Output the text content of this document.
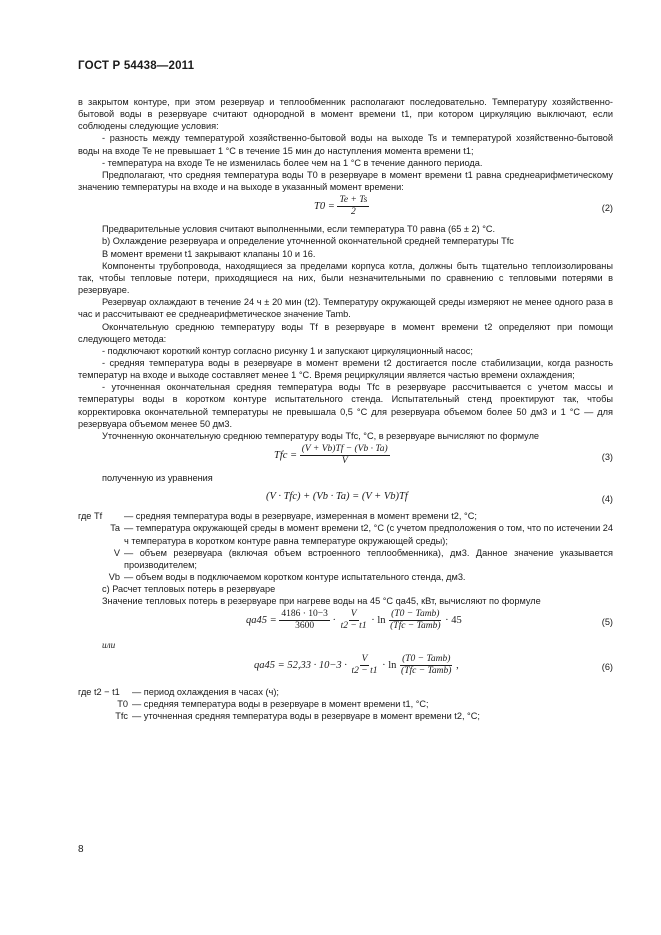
ГОСТ Р 54438—2011

в закрытом контуре, при этом резервуар и теплообменник располагают последовательно. Температуру хозяйственно-бытовой воды в резервуаре считают однородной в момент времени t1, при котором циркуляцию выключают, если соблюдены следующие условия:

- разность между температурой хозяйственно-бытовой воды на выходе Ts и температурой хозяйственно-бытовой воды на входе Te не превышает 1 °С в течение 15 мин до наступления момента времени t1;

- температура на входе Te не изменилась более чем на 1 °С в течение данного периода.

Предполагают, что средняя температура воды T0 в резервуаре в момент времени t1 равна среднеарифметическому значению температуры на входе и на выходе в указанный момент времени:

$T0 = \frac{Te + Ts}{2}$	(2)

Предварительные условия считают выполненными, если температура T0 равна (65 ± 2) °С.

b) Охлаждение резервуара и определение уточненной окончательной средней температуры Tfc

В момент времени t1 закрывают клапаны 10 и 16.

Компоненты трубопровода, находящиеся за пределами корпуса котла, должны быть тщательно теплоизолированы так, чтобы тепловые потери, приходящиеся на них, были незначительными по сравнению с тепловыми потерями в резервуаре.

Резервуар охлаждают в течение 24 ч ± 20 мин (t2). Температуру окружающей среды измеряют не менее одного раза в час и рассчитывают ее среднеарифметическое значение Tamb.

Окончательную среднюю температуру воды Tf в резервуаре в момент времени t2 определяют при помощи следующего метода:

- подключают короткий контур согласно рисунку 1 и запускают циркуляционный насос;

- средняя температура воды в резервуаре в момент времени t2 достигается после стабилизации, когда разность температур на входе и выходе составляет менее 1 °С. Время рециркуляции является частью времени охлаждения;

- уточненная окончательная средняя температура воды Tfc в резервуаре рассчитывается с учетом массы и температуры воды в коротком контуре испытательного стенда. Испытательный стенд проектируют так, чтобы корректировка окончательной температуры не превышала 0,5 °С для резервуара объемом более 50 дм3 и 1 °С — для резервуара объемом менее 50 дм3.

Уточненную окончательную среднюю температуру воды Tfc, °С, в резервуаре вычисляют по формуле

Tfc = $\frac{(V + Vb)Tf - (Vb \cdot Ta)}{V}$	(3)

полученную из уравнения

(V · Tfc) + (Vb · Ta) = (V + Vb)Tf	(4)
где Tf	— средняя температура воды в резервуаре, измеренная в момент времени t2, °С;
Ta — температура окружающей среды в момент времени t2, °С (с учетом предположения о том, что по истечении 24 ч температура в коротком контуре равна температуре окружающей среды);
V — объем резервуара (включая объем встроенного теплообменника), дм3. Данное значение указывается производителем;
Vb — объем воды в подключаемом коротком контуре испытательного стенда, дм3.

с) Расчет тепловых потерь в резервуаре

Значение тепловых потерь в резервуаре при нагреве воды на 45 °С qa45, кВт, вычисляют по формуле

$qa45 = \frac{4186 \cdot 10-3}{3600} \cdot \frac{V}{t2 - t1} \cdot \ln$
(T0 − Tamb)
(Tfc − Tamb)
· 45	(5)

или

$qa45 = 52,33 \cdot 10-3 \cdot \frac{V}{t2 - t1} \cdot \ln$
(T0 − Tamb)
(Tfc − Tamb)
,	(6)
где t2 − t1	— период охлаждения в часах (ч);
T0 — средняя температура воды в резервуаре в момент времени t1, °С;
Tfc — уточненная средняя температура воды в резервуаре в момент времени t2, °С;
8
